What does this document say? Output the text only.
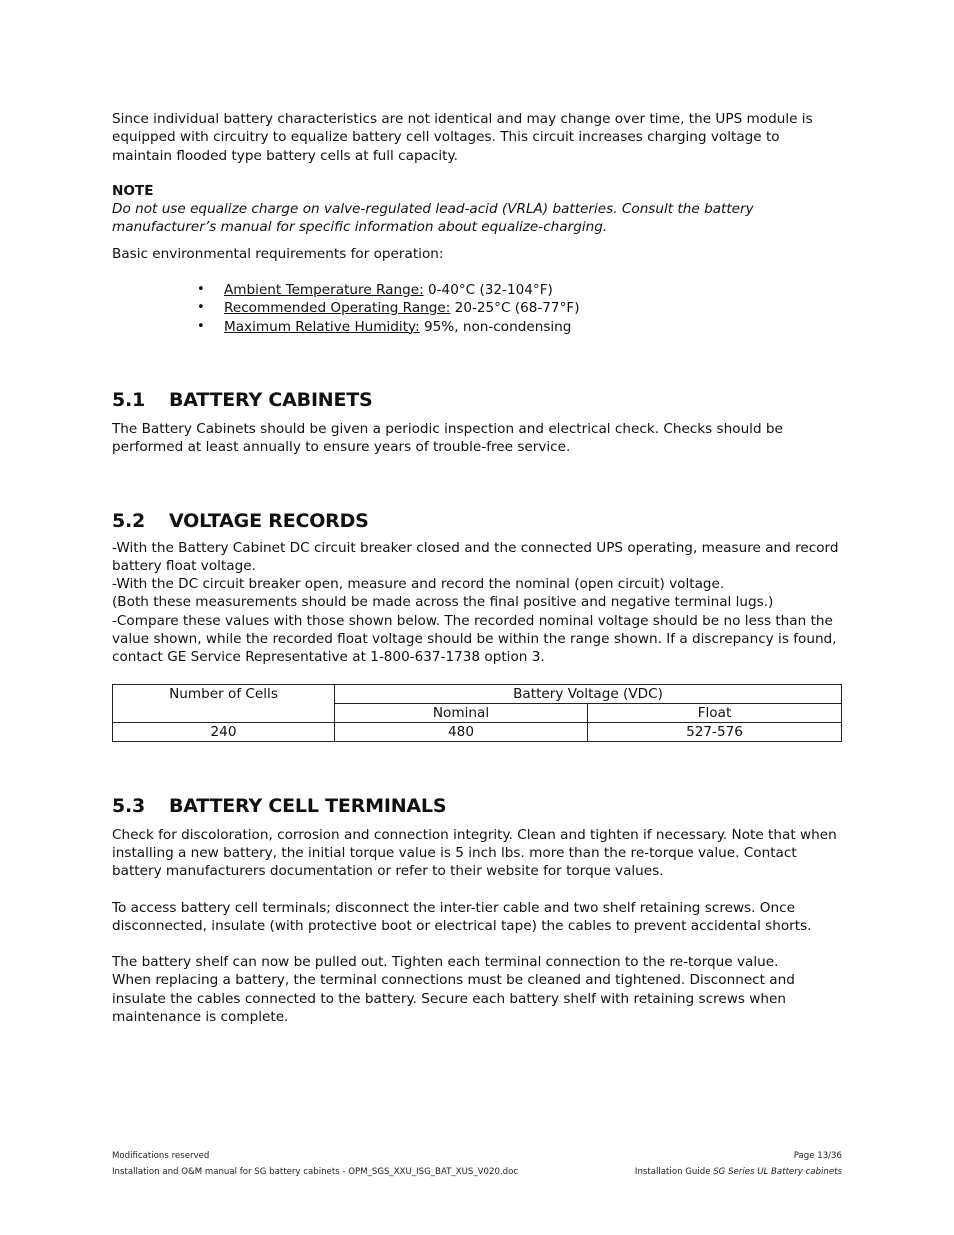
Since individual battery characteristics are not identical and may change over time, the UPS module is equipped with circuitry to equalize battery cell voltages. This circuit increases charging voltage to maintain flooded type battery cells at full capacity.

NOTE

Do not use equalize charge on valve-regulated lead-acid (VRLA) batteries. Consult the battery manufacturer’s manual for specific information about equalize-charging.

Basic environmental requirements for operation:

• Ambient Temperature Range: 0-40°C (32-104°F)
• Recommended Operating Range: 20-25°C (68-77°F)
• Maximum Relative Humidity: 95%, non-condensing
5.1 BATTERY CABINETS

The Battery Cabinets should be given a periodic inspection and electrical check. Checks should be performed at least annually to ensure years of trouble-free service.

5.2 VOLTAGE RECORDS

-With the Battery Cabinet DC circuit breaker closed and the connected UPS operating, measure and record battery float voltage.

-With the DC circuit breaker open, measure and record the nominal (open circuit) voltage.

(Both these measurements should be made across the final positive and negative terminal lugs.)

-Compare these values with those shown below. The recorded nominal voltage should be no less than the value shown, while the recorded float voltage should be within the range shown. If a discrepancy is found, contact GE Service Representative at 1-800-637-1738 option 3.

Number of Cells	Battery Voltage (VDC)	
	Nominal	Float
240	480	527-576
5.3 BATTERY CELL TERMINALS

Check for discoloration, corrosion and connection integrity. Clean and tighten if necessary. Note that when installing a new battery, the initial torque value is 5 inch lbs. more than the re-torque value. Contact battery manufacturers documentation or refer to their website for torque values.

To access battery cell terminals; disconnect the inter-tier cable and two shelf retaining screws. Once disconnected, insulate (with protective boot or electrical tape) the cables to prevent accidental shorts.

The battery shelf can now be pulled out. Tighten each terminal connection to the re-torque value.

When replacing a battery, the terminal connections must be cleaned and tightened. Disconnect and insulate the cables connected to the battery. Secure each battery shelf with retaining screws when maintenance is complete.

Modifications reserved	Page 13/36
Installation and O&M manual for SG battery cabinets - OPM_SGS_XXU_ISG_BAT_XUS_V020.doc	Installation Guide SG Series UL Battery cabinets
